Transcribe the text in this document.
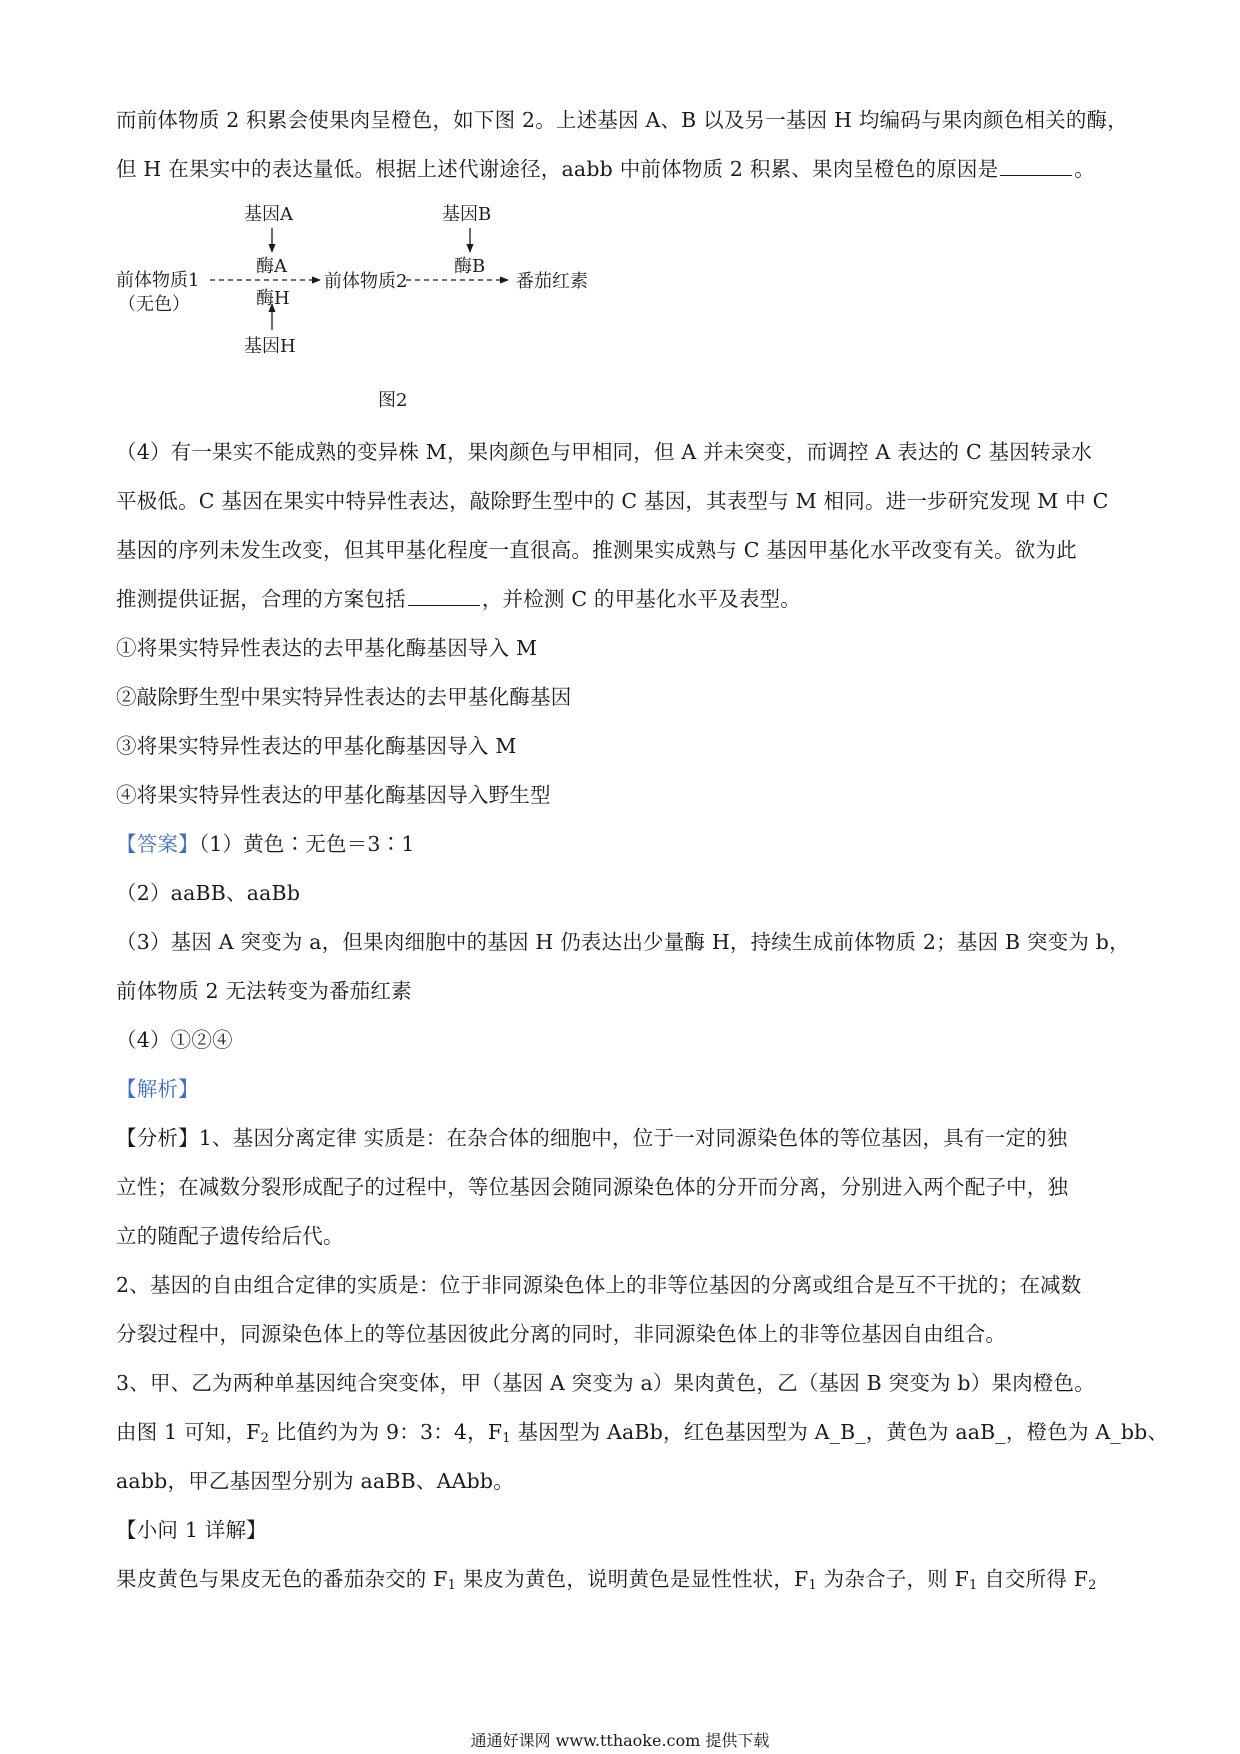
而前体物质 2 积累会使果肉呈橙色，如下图 2。上述基因 A、B 以及另一基因 H 均编码与果肉颜色相关的酶，

但 H 在果实中的表达量低。根据上述代谢途径，aabb 中前体物质 2 积累、果肉呈橙色的原因是	。

基因A
酶A
前体物质1
（无色）	酶H
基因H
前体物质2
基因B
酶B
番茄红素
图2

（4）有一果实不能成熟的变异株 M，果肉颜色与甲相同，但 A 并未突变，而调控 A 表达的 C 基因转录水

平极低。C 基因在果实中特异性表达，敲除野生型中的 C 基因，其表型与 M 相同。进一步研究发现 M 中 C

基因的序列未发生改变，但其甲基化程度一直很高。推测果实成熟与 C 基因甲基化水平改变有关。欲为此

推测提供证据，合理的方案包括	，并检测 C 的甲基化水平及表型。

①将果实特异性表达的去甲基化酶基因导入 M

②敲除野生型中果实特异性表达的去甲基化酶基因

③将果实特异性表达的甲基化酶基因导入 M

④将果实特异性表达的甲基化酶基因导入野生型

【答案】（1）黄色∶无色＝3∶1

（2）aaBB、aaBb

（3）基因 A 突变为 a，但果肉细胞中的基因 H 仍表达出少量酶 H，持续生成前体物质 2；基因 B 突变为 b，

前体物质 2 无法转变为番茄红素

（4）①②④

【解析】

【分析】1、基因分离定律 实质是：在杂合体的细胞中，位于一对同源染色体的等位基因，具有一定的独

立性；在减数分裂形成配子的过程中，等位基因会随同源染色体的分开而分离，分别进入两个配子中，独

立的随配子遗传给后代。

2、基因的自由组合定律的实质是：位于非同源染色体上的非等位基因的分离或组合是互不干扰的；在减数

分裂过程中，同源染色体上的等位基因彼此分离的同时，非同源染色体上的非等位基因自由组合。

3、甲、乙为两种单基因纯合突变体，甲（基因 A 突变为 a）果肉黄色，乙（基因 B 突变为 b）果肉橙色。

由图 1 可知，$F_2$ 比值约为为 9：3：4，$F_1$ 基因型为 AaBb，红色基因型为 A_B_，黄色为 aaB_，橙色为 A_bb、

aabb，甲乙基因型分别为 aaBB、AAbb。

【小问 1 详解】

果皮黄色与果皮无色的番茄杂交的 $F_1$ 果皮为黄色，说明黄色是显性性状，$F_1$ 为杂合子，则 $F_1$ 自交所得 $F_2$

通通好课网 www.tthaoke.com 提供下载
